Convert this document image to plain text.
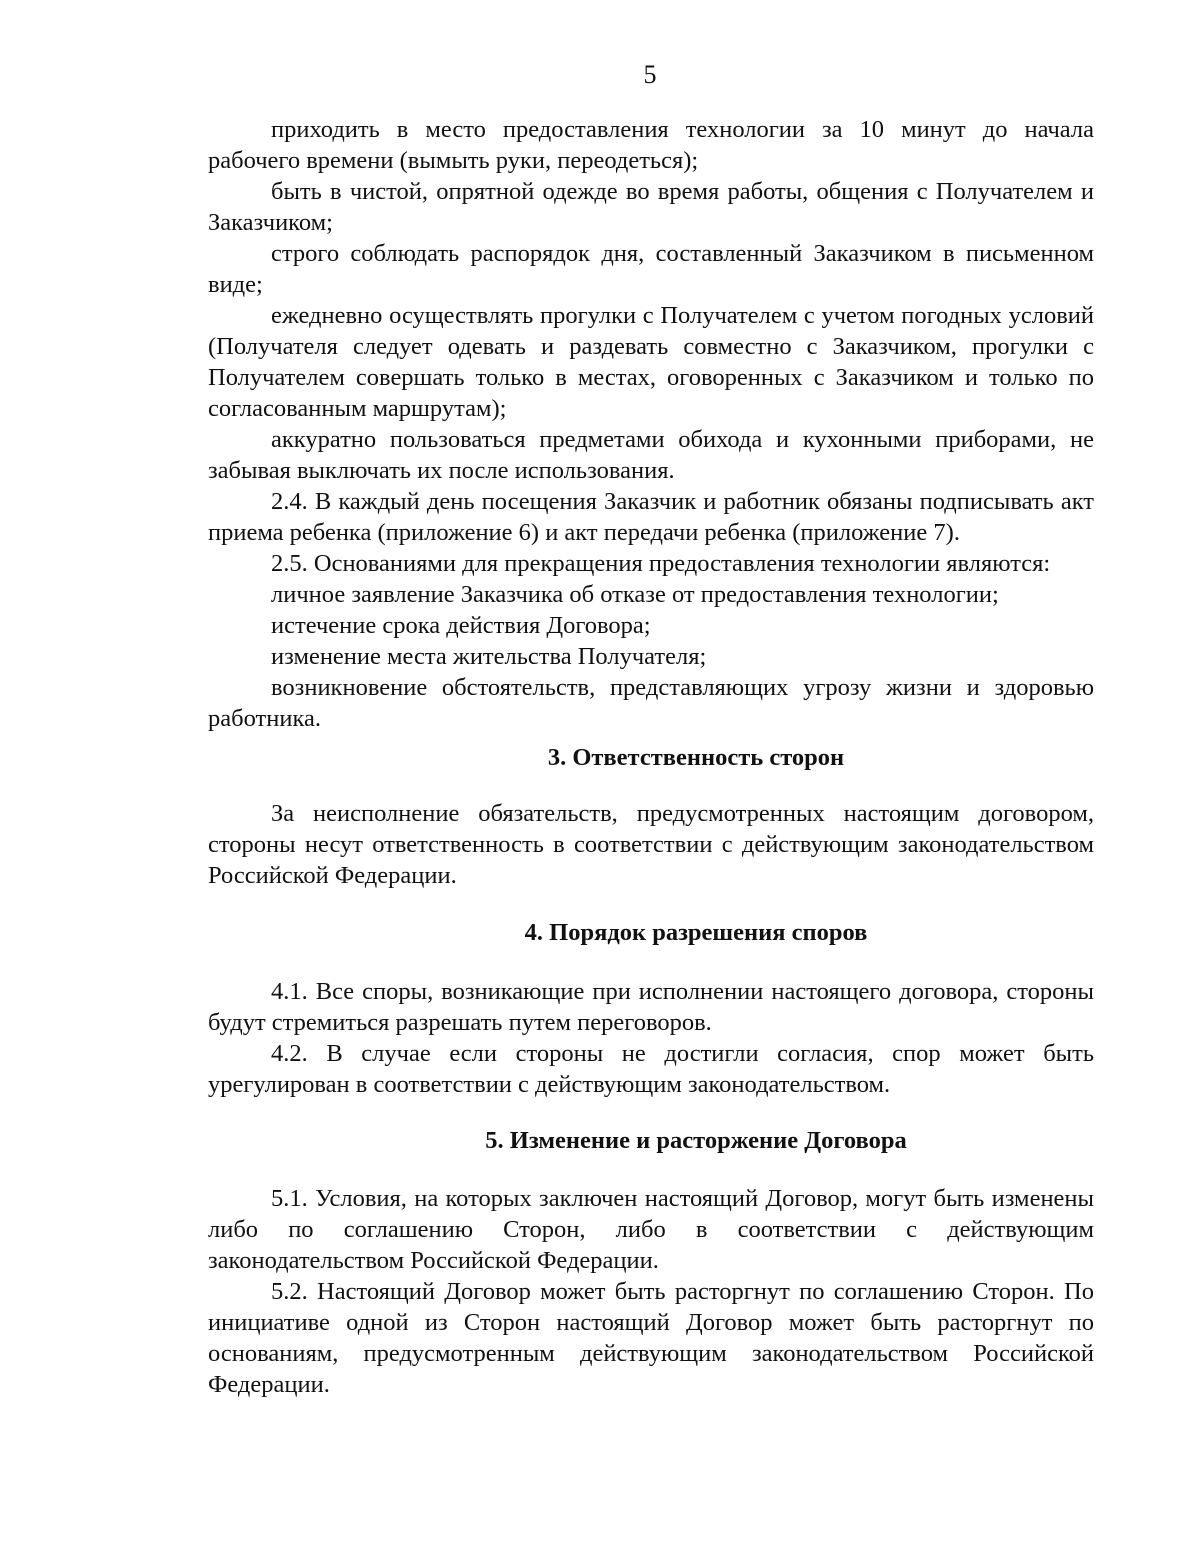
5

приходить в место предоставления технологии за 10 минут до начала рабочего времени (вымыть руки, переодеться);

быть в чистой, опрятной одежде во время работы, общения с Получателем и Заказчиком;

строго соблюдать распорядок дня, составленный Заказчиком в письменном виде;

ежедневно осуществлять прогулки с Получателем с учетом погодных условий (Получателя следует одевать и раздевать совместно с Заказчиком, прогулки с Получателем совершать только в местах, оговоренных с Заказчиком и только по согласованным маршрутам);

аккуратно пользоваться предметами обихода и кухонными приборами, не забывая выключать их после использования.

2.4. В каждый день посещения Заказчик и работник обязаны подписывать акт приема ребенка (приложение 6) и акт передачи ребенка (приложение 7).

2.5. Основаниями для прекращения предоставления технологии являются:

личное заявление Заказчика об отказе от предоставления технологии;

истечение срока действия Договора;

изменение места жительства Получателя;

возникновение обстоятельств, представляющих угрозу жизни и здоровью работника.

3. Ответственность сторон

За неисполнение обязательств, предусмотренных настоящим договором, стороны несут ответственность в соответствии с действующим законодательством Российской Федерации.

4. Порядок разрешения споров

4.1. Все споры, возникающие при исполнении настоящего договора, стороны будут стремиться разрешать путем переговоров.

4.2. В случае если стороны не достигли согласия, спор может быть урегулирован в соответствии с действующим законодательством.

5. Изменение и расторжение Договора

5.1. Условия, на которых заключен настоящий Договор, могут быть изменены либо по соглашению Сторон, либо в соответствии с действующим законодательством Российской Федерации.

5.2. Настоящий Договор может быть расторгнут по соглашению Сторон. По инициативе одной из Сторон настоящий Договор может быть расторгнут по основаниям, предусмотренным действующим законодательством Российской Федерации.
